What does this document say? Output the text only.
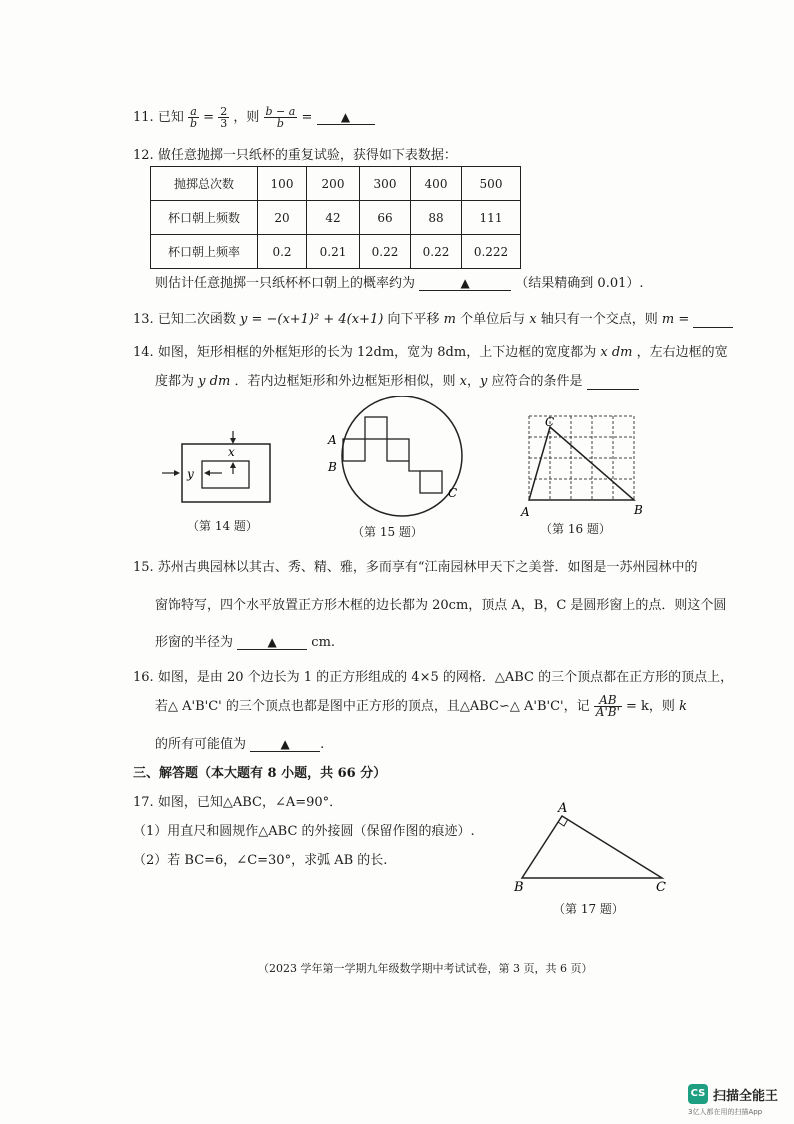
11. 已知 $\frac{a}{b} = \frac{2}{3}$ ，则 $\frac{b - a}{b}$ = ▲
12. 做任意抛掷一只纸杯的重复试验，获得如下表数据：
抛掷总次数	100	200	300	400	500
杯口朝上频数	20	42	66	88	111
杯口朝上频率	0.2	0.21	0.22	0.22	0.222
则估计任意抛掷一只纸杯杯口朝上的概率约为	▲	（结果精确到 0.01）.
13. 已知二次函数 y = −(x+1)² + 4(x+1) 向下平移 m 个单位后与 x 轴只有一个交点，则 m =
14. 如图，矩形相框的外框矩形的长为 12dm，宽为 8dm，上下边框的宽度都为 x dm ，左右边框的宽
度都为 y dm ．若内边框矩形和外边框矩形相似，则 x，y 应符合的条件是
x
y
（第 14 题）
A
B
C
（第 15 题）
C
A	B
（第 16 题）
15. 苏州古典园林以其古、秀、精、雅，多而享有“江南园林甲天下之美誉．如图是一苏州园林中的
窗饰特写，四个水平放置正方形木框的边长都为 20cm，顶点 A，B，C 是圆形窗上的点．则这个圆
形窗的半径为	▲	cm.
16. 如图，是由 20 个边长为 1 的正方形组成的 4×5 的网格．△ABC 的三个顶点都在正方形的顶点上，
若△ A'B'C' 的三个顶点也都是图中正方形的顶点，且△ABC∽△ A'B'C'，记 $\frac{AB}{A'B'} = k$，则 k
的所有可能值为	▲ .
三、解答题（本大题有 8 小题，共 66 分）
17. 如图，已知△ABC，∠A=90°．
（1）用直尺和圆规作△ABC 的外接圆（保留作图的痕迹）.
（2）若 BC=6，∠C=30°，求弧 AB 的长.
A
B	C
（第 17 题）
（2023 学年第一学期九年级数学期中考试试卷，第 3 页，共 6 页）
CS 扫描全能王
3亿人都在用的扫描App
